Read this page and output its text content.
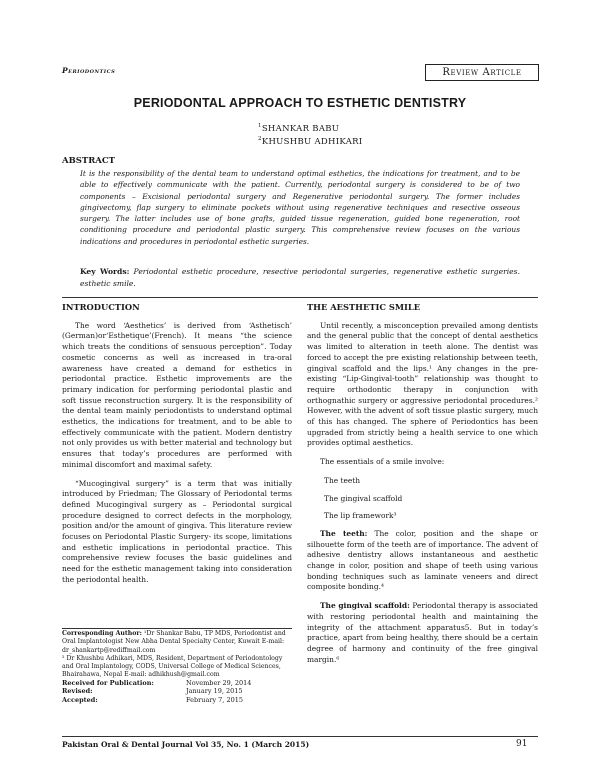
Periodontics	Review Article
PERIODONTAL APPROACH TO ESTHETIC DENTISTRY
$^1$SHANKAR BABU
$^2$KHUSHBU ADHIKARI
ABSTRACT

It is the responsibility of the dental team to understand optimal esthetics, the indications for treatment, and to be able to effectively communicate with the patient. Currently, periodontal surgery is considered to be of two components – Excisional periodontal surgery and Regenerative periodontal surgery. The former includes gingivectomy, flap surgery to eliminate pockets without using regenerative techniques and resective osseous surgery. The latter includes use of bone grafts, guided tissue regeneration, guided bone regeneration, root conditioning procedure and periodontal plastic surgery. This comprehensive review focuses on the various indications and procedures in periodontal esthetic surgeries.

Key Words: Periodontal esthetic procedure, resective periodontal surgeries, regenerative esthetic surgeries. esthetic smile.

INTRODUCTION

The word ‘Aesthetics’ is derived from ‘Asthetisch’ (German)or‘Esthetique’(French). It means “the science which treats the conditions of sensuous perception”. Today cosmetic concerns as well as increased in tra-oral awareness have created a demand for esthetics in periodontal practice. Esthetic improvements are the primary indication for performing periodontal plastic and soft tissue reconstruction surgery. It is the responsibility of the dental team mainly periodontists to understand optimal esthetics, the indications for treatment, and to be able to effectively communicate with the patient. Modern dentistry not only provides us with better material and technology but ensures that today’s procedures are performed with minimal discomfort and maximal safety.

“Mucogingival surgery” is a term that was initially introduced by Friedman; The Glossary of Periodontal terms defined Mucogingival surgery as – Periodontal surgical procedure designed to correct defects in the morphology, position and/or the amount of gingiva. This literature review focuses on Periodontal Plastic Surgery- its scope, limitations and esthetic implications in periodontal practice. This comprehensive review focuses the basic guidelines and need for the esthetic management taking into consideration the periodontal health.

Corresponding Author: ¹Dr Shankar Babu, TP MDS, Periodontist and Oral Implantologist New Abha Dental Specialty Center, Kuwait E-mail: dr_shankartp@rediffmail.com

² Dr Khushbu Adhikari, MDS, Resident, Department of Periodontology and Oral Implantology, CODS, Universal College of Medical Sciences, Bhairahawa, Nepal E-mail: adhikhush@gmail.com

Received for Publication:	November 29, 2014
Revised:	January 19, 2015
Accepted:	February 7, 2015

THE AESTHETIC SMILE

Until recently, a misconception prevailed among dentists and the general public that the concept of dental aesthetics was limited to alteration in teeth alone. The dentist was forced to accept the pre existing relationship between teeth, gingival scaffold and the lips.¹ Any changes in the pre-existing “Lip-Gingival-tooth” relationship was thought to require orthodontic therapy in conjunction with orthognathic surgery or aggressive periodontal procedures.² However, with the advent of soft tissue plastic surgery, much of this has changed. The sphere of Periodontics has been upgraded from strictly being a health service to one which provides optimal aesthetics.

The essentials of a smile involve:

The teeth

The gingival scaffold

The lip framework³

The teeth: The color, position and the shape or silhouette form of the teeth are of importance. The advent of adhesive dentistry allows instantaneous and aesthetic change in color, position and shape of teeth using various bonding techniques such as laminate veneers and direct composite bonding.⁴

The gingival scaffold: Periodontal therapy is associated with restoring periodontal health and maintaining the integrity of the attachment apparatus5. But in today’s practice, apart from being healthy, there should be a certain degree of harmony and continuity of the free gingival margin.⁶

Pakistan Oral & Dental Journal Vol 35, No. 1 (March 2015)	91
